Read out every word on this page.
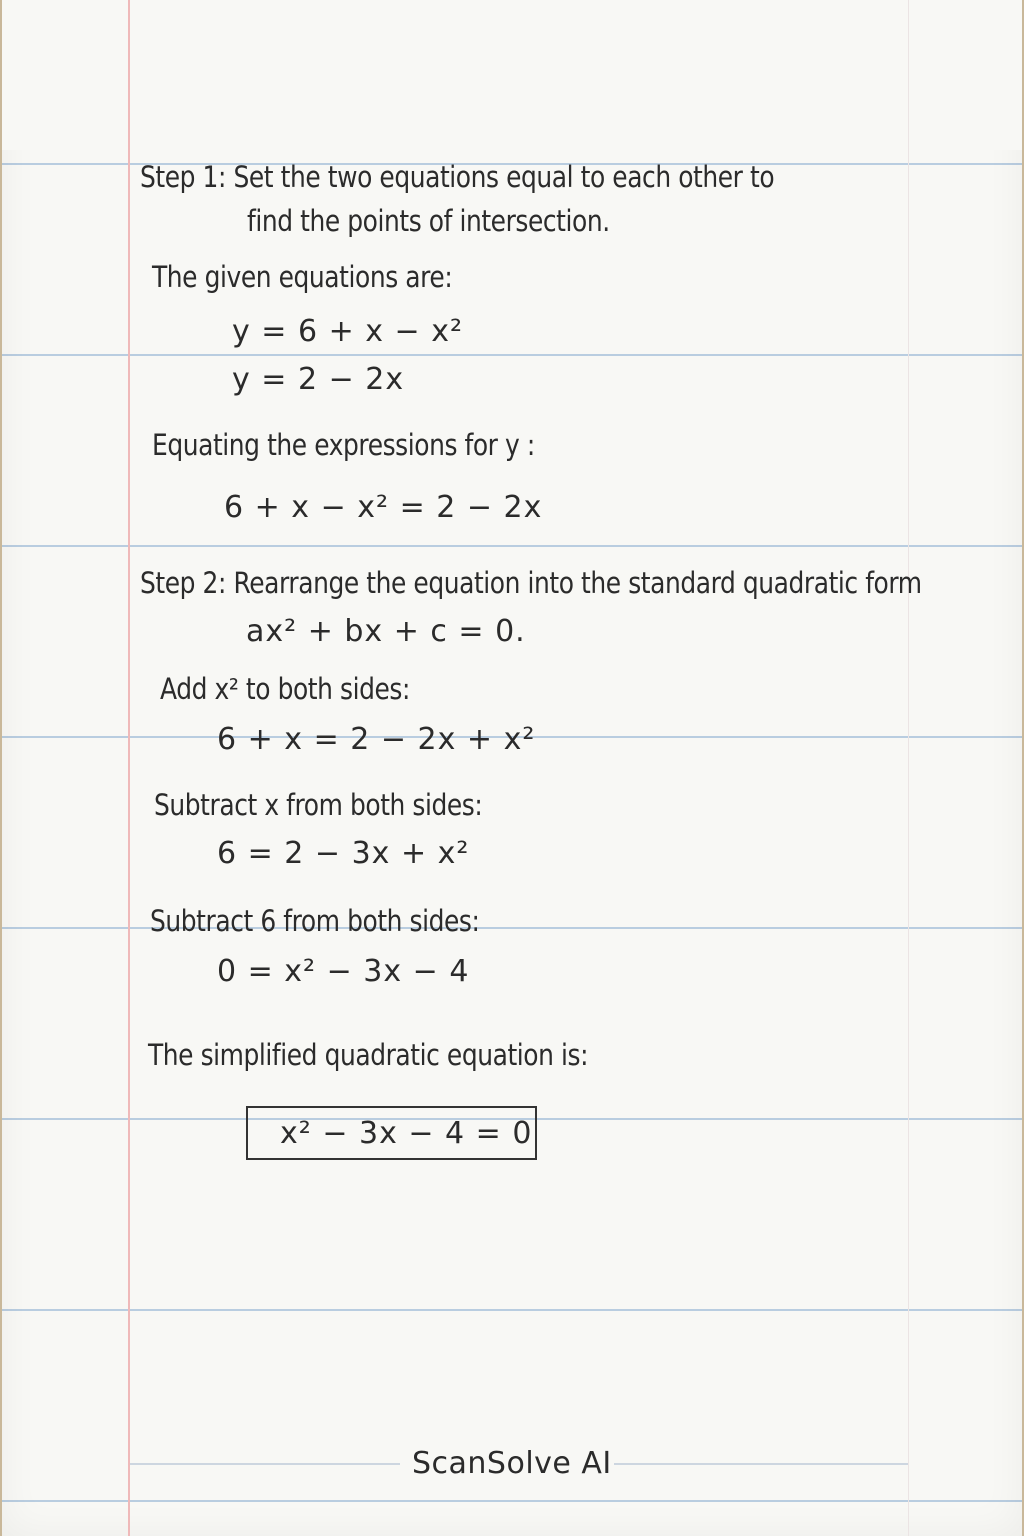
Step 1: Set the two equations equal to each other to
find the points of intersection.
The given equations are:
y = 6 + x − x²
y = 2 − 2x
Equating the expressions for y :
6 + x − x² = 2 − 2x
Step 2: Rearrange the equation into the standard quadratic form
ax² + bx + c = 0.
Add x² to both sides:
6 + x = 2 − 2x + x²
Subtract x from both sides:
6 = 2 − 3x + x²
Subtract 6 from both sides:
0 = x² − 3x − 4
The simplified quadratic equation is:
x² − 3x − 4 = 0
ScanSolve AI
